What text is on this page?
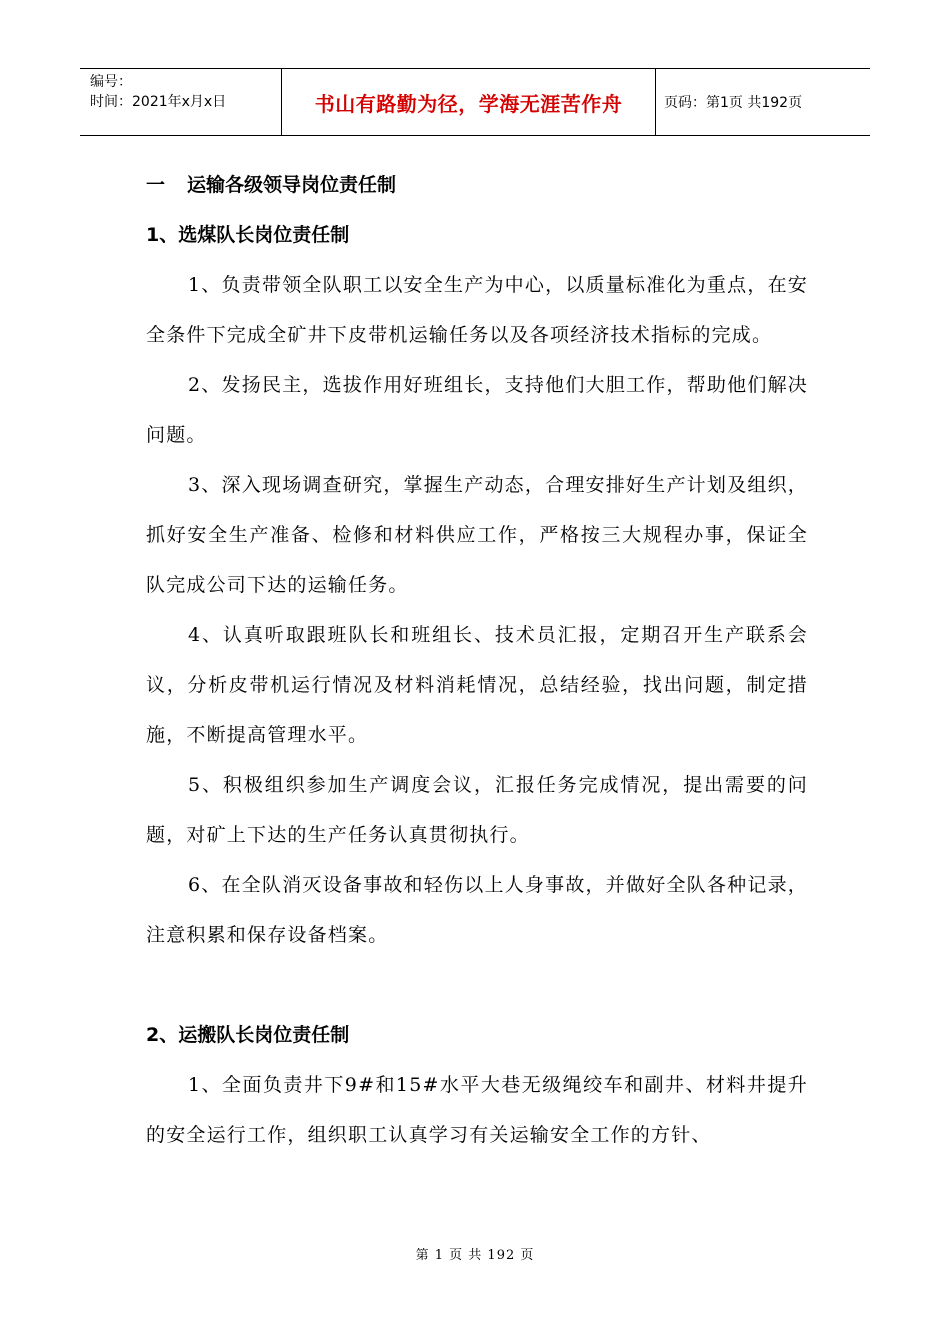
编号：
时间：2021年x月x日	书山有路勤为径，学海无涯苦作舟	页码：第1页 共192页
一 运输各级领导岗位责任制
1、选煤队长岗位责任制

1、负责带领全队职工以安全生产为中心，以质量标准化为重点，在安全条件下完成全矿井下皮带机运输任务以及各项经济技术指标的完成。

2、发扬民主，选拔作用好班组长，支持他们大胆工作，帮助他们解决问题。

3、深入现场调查研究，掌握生产动态，合理安排好生产计划及组织，抓好安全生产准备、检修和材料供应工作，严格按三大规程办事，保证全队完成公司下达的运输任务。

4、认真听取跟班队长和班组长、技术员汇报，定期召开生产联系会议，分析皮带机运行情况及材料消耗情况，总结经验，找出问题，制定措施，不断提高管理水平。

5、积极组织参加生产调度会议，汇报任务完成情况，提出需要的问题，对矿上下达的生产任务认真贯彻执行。

6、在全队消灭设备事故和轻伤以上人身事故，并做好全队各种记录，注意积累和保存设备档案。

2、运搬队长岗位责任制

1、全面负责井下9#和15#水平大巷无级绳绞车和副井、材料井提升的安全运行工作，组织职工认真学习有关运输安全工作的方针、

第 1 页 共 192 页
